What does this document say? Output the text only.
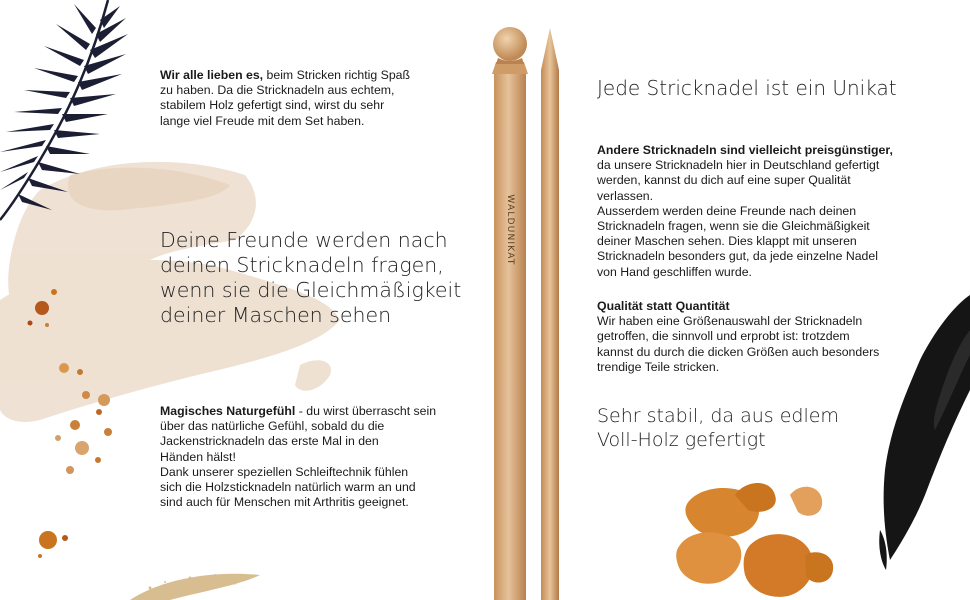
Wir alle lieben es, beim Stricken richtig Spaß
zu haben. Da die Stricknadeln aus echtem,
stabilem Holz gefertigt sind, wirst du sehr
lange viel Freude mit dem Set haben.
Deine Freunde werden nach
deinen Stricknadeln fragen,
wenn sie die Gleichmäßigkeit
deiner Maschen sehen
Magisches Naturgefühl - du wirst überrascht sein
über das natürliche Gefühl, sobald du die
Jackenstricknadeln das erste Mal in den
Händen hälst!
Dank unserer speziellen Schleiftechnik fühlen
sich die Holzsticknadeln natürlich warm an und
sind auch für Menschen mit Arthritis geeignet.
WALDUNIKAT
Jede Stricknadel ist ein Unikat
Andere Stricknadeln sind vielleicht preisgünstiger,
da unsere Stricknadeln hier in Deutschland gefertigt
werden, kannst du dich auf eine super Qualität
verlassen.
Ausserdem werden deine Freunde nach deinen
Stricknadeln fragen, wenn sie die Gleichmäßigkeit
deiner Maschen sehen. Dies klappt mit unseren
Stricknadeln besonders gut, da jede einzelne Nadel
von Hand geschliffen wurde.
Qualität statt Quantität
Wir haben eine Größenauswahl der Stricknadeln
getroffen, die sinnvoll und erprobt ist: trotzdem
kannst du durch die dicken Größen auch besonders
trendige Teile stricken.
Sehr stabil, da aus edlem
Voll-Holz gefertigt
